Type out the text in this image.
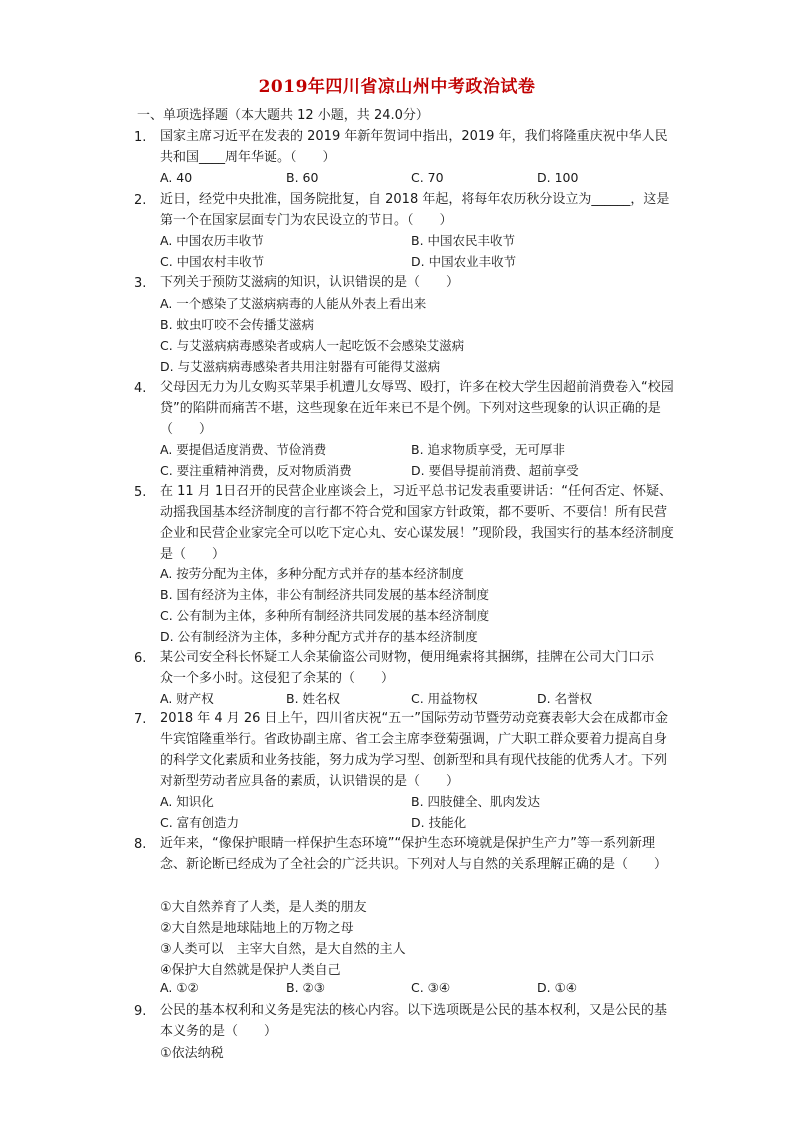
2019年四川省凉山州中考政治试卷
一、单项选择题（本大题共 12 小题，共 24.0分）
1. 国家主席习近平在发表的 2019 年新年贺词中指出，2019 年，我们将隆重庆祝中华人民共和国____周年华诞。（　　）
A. 40	B. 60	C. 70	D. 100
2. 近日，经党中央批准，国务院批复，自 2018 年起，将每年农历秋分设立为______，这是第一个在国家层面专门为农民设立的节日。（　　）
A. 中国农历丰收节	B. 中国农民丰收节
C. 中国农村丰收节	D. 中国农业丰收节
3. 下列关于预防艾滋病的知识，认识错误的是（　　）
A. 一个感染了艾滋病病毒的人能从外表上看出来
B. 蚊虫叮咬不会传播艾滋病
C. 与艾滋病病毒感染者或病人一起吃饭不会感染艾滋病
D. 与艾滋病病毒感染者共用注射器有可能得艾滋病
4. 父母因无力为儿女购买苹果手机遭儿女辱骂、殴打，许多在校大学生因超前消费卷入“校园贷”的陷阱而痛苦不堪，这些现象在近年来已不是个例。下列对这些现象的认识正确的是（　　）
A. 要提倡适度消费、节俭消费	B. 追求物质享受，无可厚非
C. 要注重精神消费，反对物质消费	D. 要倡导提前消费、超前享受
5. 在 11 月 1日召开的民营企业座谈会上，习近平总书记发表重要讲话：“任何否定、怀疑、动摇我国基本经济制度的言行都不符合党和国家方针政策，都不要听、不要信！所有民营企业和民营企业家完全可以吃下定心丸、安心谋发展！”现阶段，我国实行的基本经济制度是（　　）
A. 按劳分配为主体，多种分配方式并存的基本经济制度
B. 国有经济为主体，非公有制经济共同发展的基本经济制度
C. 公有制为主体，多种所有制经济共同发展的基本经济制度
D. 公有制经济为主体，多种分配方式并存的基本经济制度
6. 某公司安全科长怀疑工人余某偷盗公司财物，便用绳索将其捆绑，挂牌在公司大门口示　众一个多小时。这侵犯了余某的（　　）
A. 财产权	B. 姓名权	C. 用益物权	D. 名誉权
7. 2018 年 4 月 26 日上午，四川省庆祝“五一”国际劳动节暨劳动竞赛表彰大会在成都市金牛宾馆隆重举行。省政协副主席、省工会主席李登菊强调，广大职工群众要着力提高自身的科学文化素质和业务技能，努力成为学习型、创新型和具有现代技能的优秀人才。下列对新型劳动者应具备的素质，认识错误的是（　　）
A. 知识化	B. 四肢健全、肌肉发达
C. 富有创造力	D. 技能化
8. 近年来，“像保护眼睛一样保护生态环境”“保护生态环境就是保护生产力”等一系列新理念、新论断已经成为了全社会的广泛共识。下列对人与自然的关系理解正确的是（　　）
①大自然养育了人类，是人类的朋友
②大自然是地球陆地上的万物之母
③人类可以　主宰大自然，是大自然的主人
④保护大自然就是保护人类自己
A. ①②	B. ②③	C. ③④	D. ①④
9. 公民的基本权利和义务是宪法的核心内容。以下选项既是公民的基本权利，又是公民的基本义务的是（　　）
①依法纳税
